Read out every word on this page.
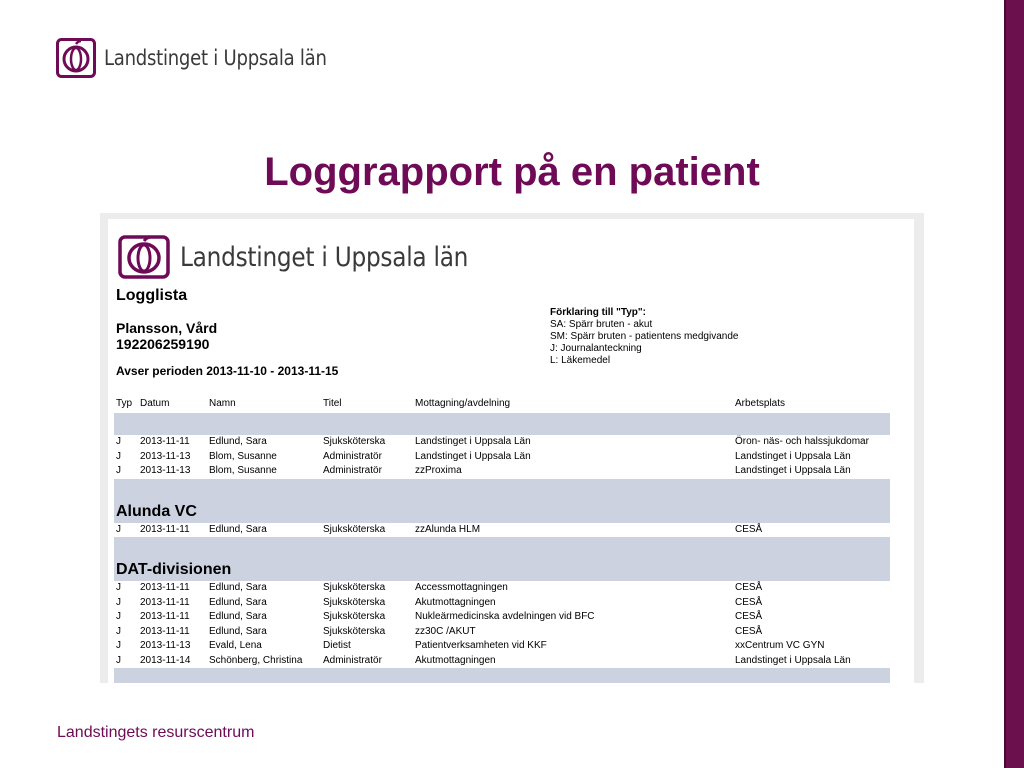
Landstinget i Uppsala län
Loggrapport på en patient
Landstinget i Uppsala län
Logglista
Plansson, Vård
192206259190
Avser perioden 2013-11-10 - 2013-11-15
Förklaring till "Typ":
SA: Spärr bruten - akut
SM: Spärr bruten - patientens medgivande
J: Journalanteckning
L: Läkemedel
Typ Datum	Namn	Titel	Mottagning/avdelning	Arbetsplats
J 2013-11-11 Edlund, Sara	Sjuksköterska	Landstinget i Uppsala Län	Öron- näs- och halssjukdomar
J 2013-11-13 Blom, Susanne	Administratör	Landstinget i Uppsala Län	Landstinget i Uppsala Län
J 2013-11-13 Blom, Susanne	Administratör	zzProxima	Landstinget i Uppsala Län
Alunda VC
J 2013-11-11 Edlund, Sara	Sjuksköterska	zzAlunda HLM	CESÅ
DAT-divisionen
J 2013-11-11 Edlund, Sara	Sjuksköterska	Accessmottagningen	CESÅ
J 2013-11-11 Edlund, Sara	Sjuksköterska	Akutmottagningen	CESÅ
J 2013-11-11 Edlund, Sara	Sjuksköterska	Nukleärmedicinska avdelningen vid BFC	CESÅ
J 2013-11-11 Edlund, Sara	Sjuksköterska	zz30C /AKUT	CESÅ
J 2013-11-13 Evald, Lena	Dietist	Patientverksamheten vid KKF	xxCentrum VC GYN
J 2013-11-14 Schönberg, Christina Administratör	Akutmottagningen	Landstinget i Uppsala Län
Landstingets resurscentrum
